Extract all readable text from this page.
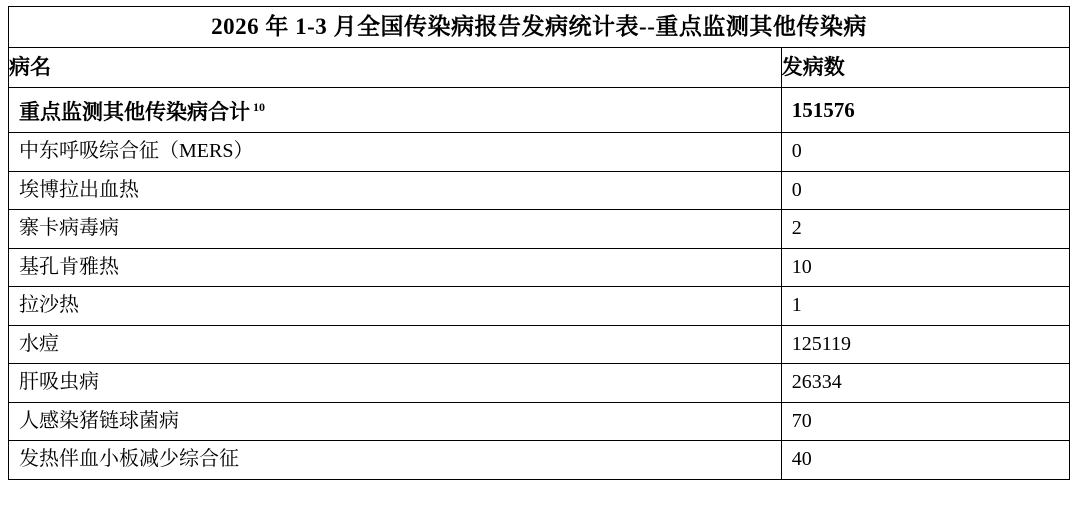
2026 年 1-3 月全国传染病报告发病统计表--重点监测其他传染病	
病名	发病数
重点监测其他传染病合计 $^{10}$	151576
中东呼吸综合征（MERS）	0
埃博拉出血热	0
寨卡病毒病	2
基孔肯雅热	10
拉沙热	1
水痘	125119
肝吸虫病	26334
人感染猪链球菌病	70
发热伴血小板减少综合征	40
